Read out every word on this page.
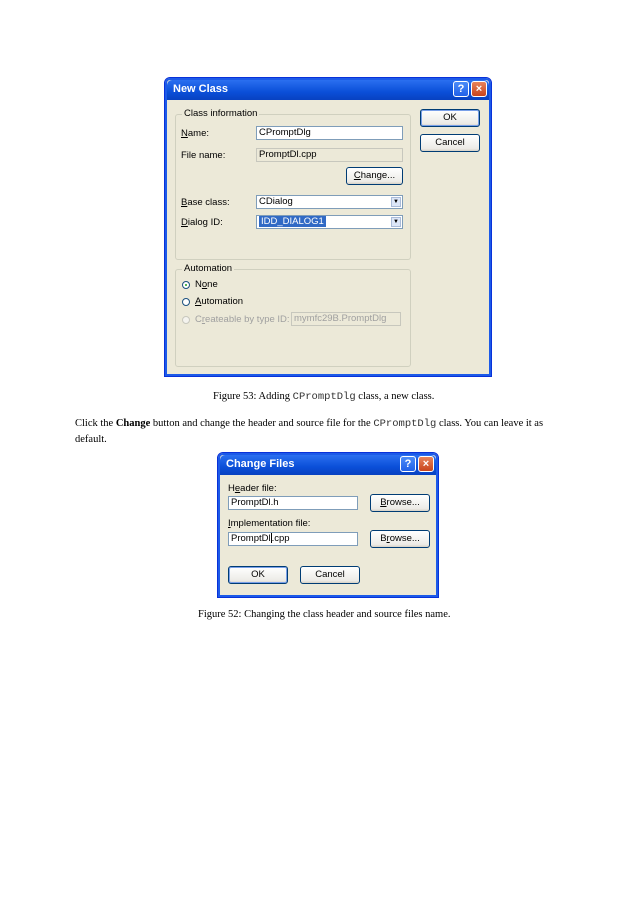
New Class	?	×
Class information
Name:	CPromptDlg
File name:	PromptDl.cpp
Change...
Base class:	CDialog	▼
Dialog ID:	IDD_DIALOG1	▼
OK
Cancel
Automation
None
Automation
Createable by type ID: mymfc29B.PromptDlg
Figure 53: Adding CPromptDlg class, a new class.
Click the Change button and change the header and source file for the CPromptDlg class. You can leave it as default.
Change Files	?	×
Header file:
PromptDl.h	Browse...
Implementation file:
PromptDl.cpp	Browse...
OK	Cancel
Figure 52: Changing the class header and source files name.
